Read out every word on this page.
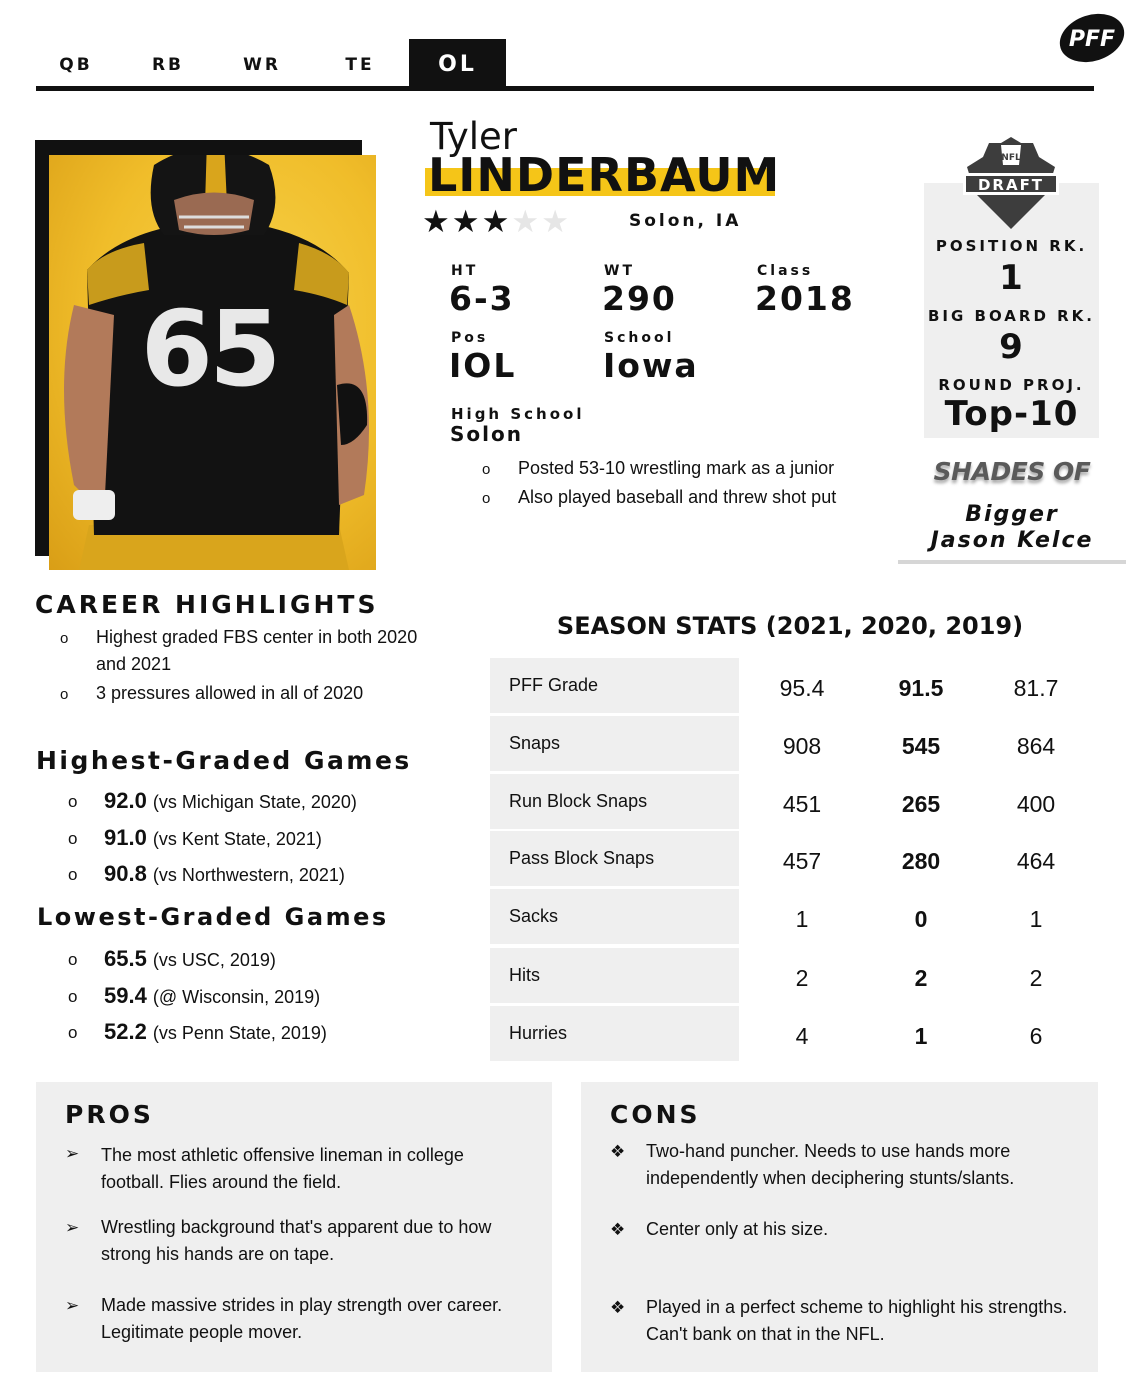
QB	RB	WR	TE	OL
PFF
65
Tyler
LINDERBAUM
★★★★★	Solon, IA
HT
6-3
WT
290
Class
2018
Pos
IOL
School
Iowa
High School
Solon
o Posted 53-10 wrestling mark as a junior
o Also played baseball and threw shot put
NFL
DRAFT
POSITION RK.
1
BIG BOARD RK.
9
ROUND PROJ.
Top-10
SHADES OF
Bigger
Jason Kelce
CAREER HIGHLIGHTS
o Highest graded FBS center in both 2020 and 2021
o 3 pressures allowed in all of 2020
Highest-Graded Games
o 92.0 (vs Michigan State, 2020)
o 91.0 (vs Kent State, 2021)
o 90.8 (vs Northwestern, 2021)
Lowest-Graded Games
o 65.5 (vs USC, 2019)
o 59.4 (@ Wisconsin, 2019)
o 52.2 (vs Penn State, 2019)
SEASON STATS (2021, 2020, 2019)
PFF Grade	95.4	91.5	81.7
Snaps	908	545	864
Run Block Snaps	451	265	400
Pass Block Snaps	457	280	464
Sacks	1	0	1
Hits	2	2	2
Hurries	4	1	6
PROS
➢ The most athletic offensive lineman in college football. Flies around the field.
➢ Wrestling background that's apparent due to how strong his hands are on tape.
➢ Made massive strides in play strength over career. Legitimate people mover.
CONS
❖ Two-hand puncher. Needs to use hands more independently when deciphering stunts/slants.
❖ Center only at his size.
❖ Played in a perfect scheme to highlight his strengths. Can't bank on that in the NFL.
